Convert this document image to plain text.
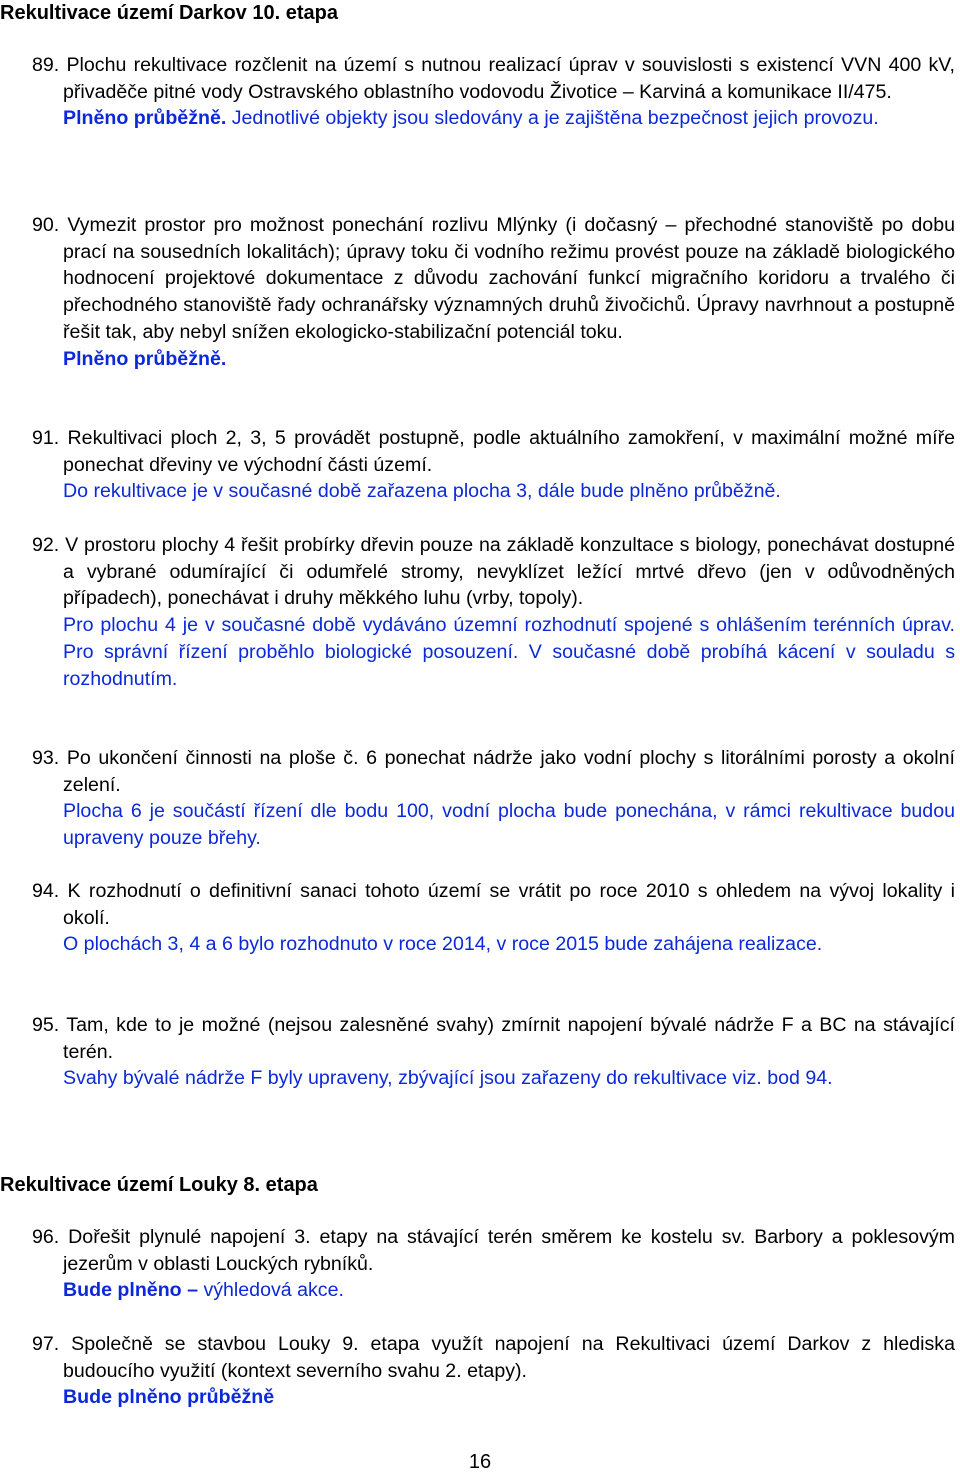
Rekultivace území Darkov 10. etapa

89. Plochu rekultivace rozčlenit na území s nutnou realizací úprav v souvislosti s existencí VVN 400 kV, přivaděče pitné vody Ostravského oblastního vodovodu Životice – Karviná a komunikace II/475.

Plněno průběžně. Jednotlivé objekty jsou sledovány a je zajištěna bezpečnost jejich provozu.

90. Vymezit prostor pro možnost ponechání rozlivu Mlýnky (i dočasný – přechodné stanoviště po dobu prací na sousedních lokalitách); úpravy toku či vodního režimu provést pouze na základě biologického hodnocení projektové dokumentace z důvodu zachování funkcí migračního koridoru a trvalého či přechodného stanoviště řady ochranářsky významných druhů živočichů. Úpravy navrhnout a postupně řešit tak, aby nebyl snížen ekologicko-stabilizační potenciál toku.

Plněno průběžně.

91. Rekultivaci ploch 2, 3, 5 provádět postupně, podle aktuálního zamokření, v maximální možné míře ponechat dřeviny ve východní části území.

Do rekultivace je v současné době zařazena plocha 3, dále bude plněno průběžně.

92. V prostoru plochy 4 řešit probírky dřevin pouze na základě konzultace s biology, ponechávat dostupné a vybrané odumírající či odumřelé stromy, nevyklízet ležící mrtvé dřevo (jen v odůvodněných případech), ponechávat i druhy měkkého luhu (vrby, topoly).

Pro plochu 4 je v současné době vydáváno územní rozhodnutí spojené s ohlášením terénních úprav. Pro správní řízení proběhlo biologické posouzení. V současné době probíhá kácení v souladu s rozhodnutím.

93. Po ukončení činnosti na ploše č. 6 ponechat nádrže jako vodní plochy s litorálními porosty a okolní zelení.

Plocha 6 je součástí řízení dle bodu 100, vodní plocha bude ponechána, v rámci rekultivace budou upraveny pouze břehy.

94. K rozhodnutí o definitivní sanaci tohoto území se vrátit po roce 2010 s ohledem na vývoj lokality i okolí.

O plochách 3, 4 a 6 bylo rozhodnuto v roce 2014, v roce 2015 bude zahájena realizace.

95. Tam, kde to je možné (nejsou zalesněné svahy) zmírnit napojení bývalé nádrže F a BC na stávající terén.

Svahy bývalé nádrže F byly upraveny, zbývající jsou zařazeny do rekultivace viz. bod 94.

Rekultivace území Louky 8. etapa

96. Dořešit plynulé napojení 3. etapy na stávající terén směrem ke kostelu sv. Barbory a poklesovým jezerům v oblasti Louckých rybníků.

Bude plněno – výhledová akce.

97. Společně se stavbou Louky 9. etapa využít napojení na Rekultivaci území Darkov z hlediska budoucího využití (kontext severního svahu 2. etapy).

Bude plněno průběžně

16
